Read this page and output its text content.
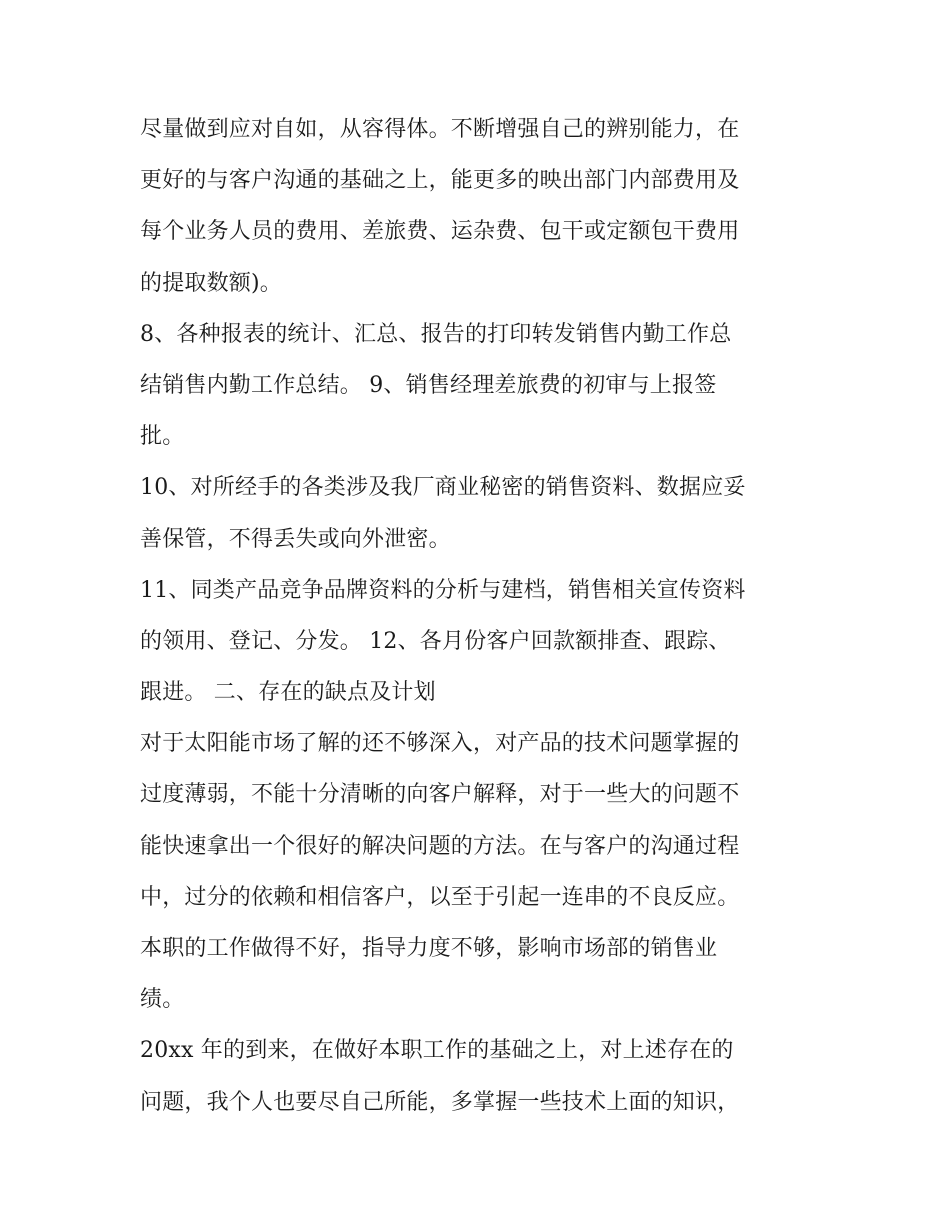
尽量做到应对自如，从容得体。不断增强自己的辨别能力，在
更好的与客户沟通的基础之上，能更多的映出部门内部费用及
每个业务人员的费用、差旅费、运杂费、包干或定额包干费用
的提取数额)。
8、各种报表的统计、汇总、报告的打印转发销售内勤工作总
结销售内勤工作总结。 9、销售经理差旅费的初审与上报签
批。
10、对所经手的各类涉及我厂商业秘密的销售资料、数据应妥
善保管，不得丢失或向外泄密。
11、同类产品竞争品牌资料的分析与建档，销售相关宣传资料
的领用、登记、分发。 12、各月份客户回款额排查、跟踪、
跟进。 二、存在的缺点及计划
对于太阳能市场了解的还不够深入，对产品的技术问题掌握的
过度薄弱，不能十分清晰的向客户解释，对于一些大的问题不
能快速拿出一个很好的解决问题的方法。在与客户的沟通过程
中，过分的依赖和相信客户，以至于引起一连串的不良反应。
本职的工作做得不好，指导力度不够，影响市场部的销售业
绩。
20xx 年的到来，在做好本职工作的基础之上，对上述存在的
问题，我个人也要尽自己所能，多掌握一些技术上面的知识，
